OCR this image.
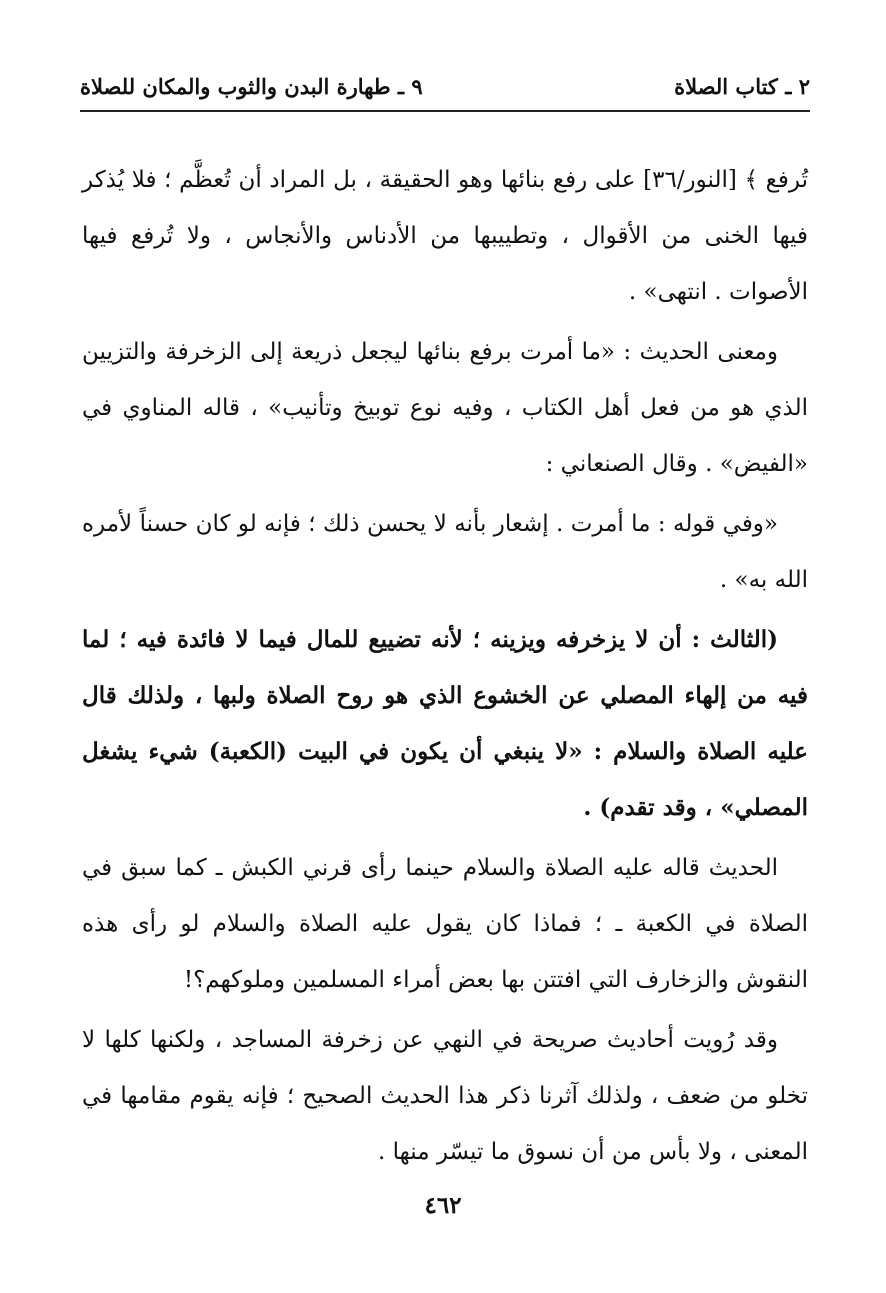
٢ ـ كتاب الصلاة
٩ ـ طهارة البدن والثوب والمكان للصلاة

تُرفع ﴾ [النور/٣٦] على رفع بنائها وهو الحقيقة ، بل المراد أن تُعظَّم ؛ فلا يُذكر فيها الخنى من الأقوال ، وتطييبها من الأدناس والأنجاس ، ولا تُرفع فيها الأصوات . انتهى» .

ومعنى الحديث : «ما أمرت برفع بنائها ليجعل ذريعة إلى الزخرفة والتزيين الذي هو من فعل أهل الكتاب ، وفيه نوع توبيخ وتأنيب» ، قاله المناوي في «الفيض» . وقال الصنعاني :

«وفي قوله : ما أمرت . إشعار بأنه لا يحسن ذلك ؛ فإنه لو كان حسناً لأمره الله به» .

(الثالث : أن لا يزخرفه ويزينه ؛ لأنه تضييع للمال فيما لا فائدة فيه ؛ لما فيه من إلهاء المصلي عن الخشوع الذي هو روح الصلاة ولبها ، ولذلك قال عليه الصلاة والسلام : «لا ينبغي أن يكون في البيت (الكعبة) شيء يشغل المصلي» ، وقد تقدم) .

الحديث قاله عليه الصلاة والسلام حينما رأى قرني الكبش ـ كما سبق في الصلاة في الكعبة ـ ؛ فماذا كان يقول عليه الصلاة والسلام لو رأى هذه النقوش والزخارف التي افتتن بها بعض أمراء المسلمين وملوكهم؟!

وقد رُويت أحاديث صريحة في النهي عن زخرفة المساجد ، ولكنها كلها لا تخلو من ضعف ، ولذلك آثرنا ذكر هذا الحديث الصحيح ؛ فإنه يقوم مقامها في المعنى ، ولا بأس من أن نسوق ما تيسّر منها .

٤٦٢
